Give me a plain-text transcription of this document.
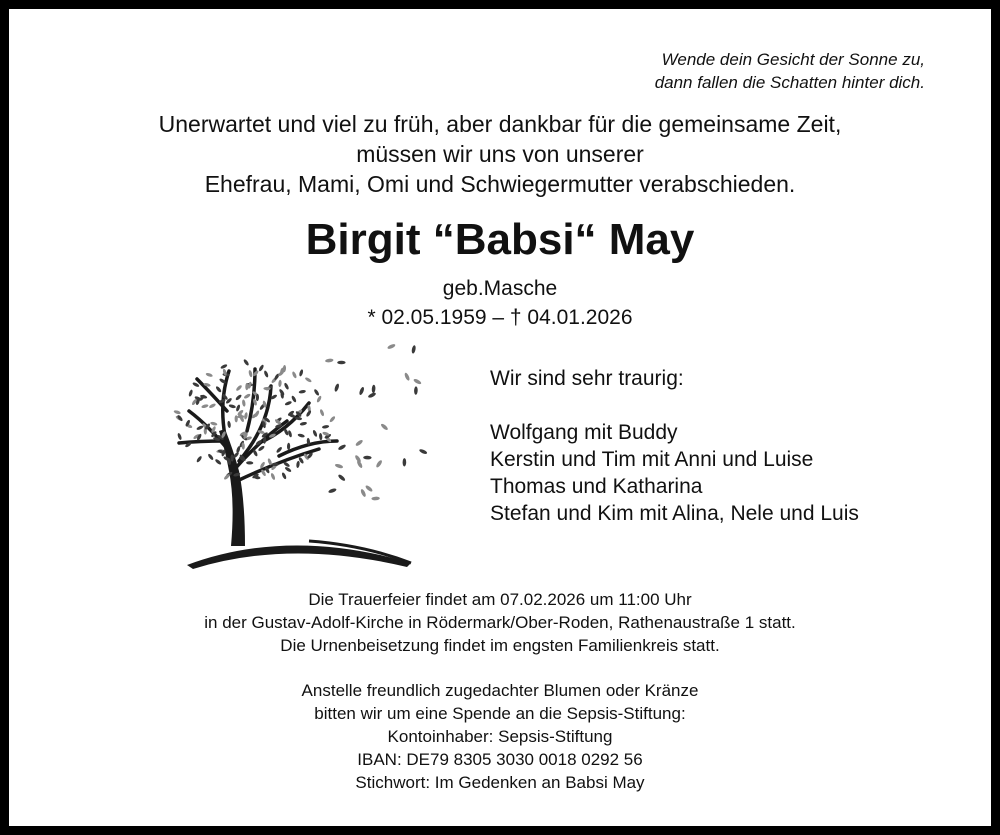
Wende dein Gesicht der Sonne zu,
dann fallen die Schatten hinter dich.
Unerwartet und viel zu früh, aber dankbar für die gemeinsame Zeit,
müssen wir uns von unserer
Ehefrau, Mami, Omi und Schwiegermutter verabschieden.
Birgit “Babsi“ May
geb.Masche
* 02.05.1959 – † 04.01.2026
Wir sind sehr traurig:
Wolfgang mit Buddy
Kerstin und Tim mit Anni und Luise
Thomas und Katharina
Stefan und Kim mit Alina, Nele und Luis
Die Trauerfeier findet am 07.02.2026 um 11:00 Uhr
in der Gustav-Adolf-Kirche in Rödermark/Ober-Roden, Rathenaustraße 1 statt.
Die Urnenbeisetzung findet im engsten Familienkreis statt.
Anstelle freundlich zugedachter Blumen oder Kränze
bitten wir um eine Spende an die Sepsis-Stiftung:
Kontoinhaber: Sepsis-Stiftung
IBAN: DE79 8305 3030 0018 0292 56
Stichwort: Im Gedenken an Babsi May
